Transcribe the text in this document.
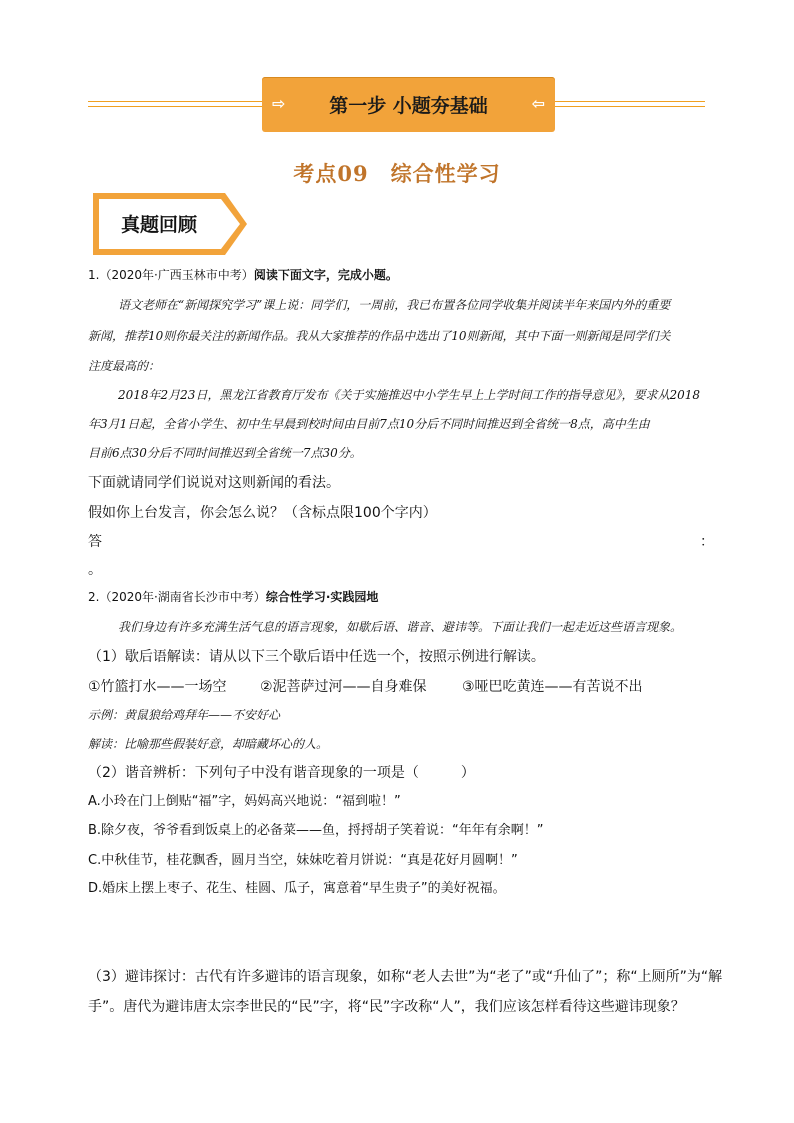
⇨	第一步 小题夯基础	⇦
考点09　综合性学习
真题回顾
1.（2020年·广西玉林市中考）阅读下面文字，完成小题。
语文老师在“新闻探究学习”课上说：同学们，一周前，我已布置各位同学收集并阅读半年来国内外的重要
新闻，推荐10则你最关注的新闻作品。我从大家推荐的作品中选出了10则新闻，其中下面一则新闻是同学们关
注度最高的：
2018年2月23日，黑龙江省教育厅发布《关于实施推迟中小学生早上上学时间工作的指导意见》，要求从2018
年3月1日起，全省小学生、初中生早晨到校时间由目前7点10分后不同时间推迟到全省统一8点，高中生由
目前6点30分后不同时间推迟到全省统一7点30分。
下面就请同学们说说对这则新闻的看法。
假如你上台发言，你会怎么说？（含标点限100个字内）
答	：
。
2.（2020年·湖南省长沙市中考）综合性学习·实践园地
我们身边有许多充满生活气息的语言现象，如歇后语、谐音、避讳等。下面让我们一起走近这些语言现象。
（1）歇后语解读：请从以下三个歇后语中任选一个，按照示例进行解读。
①竹篮打水——一场空 ②泥菩萨过河——自身难保	③哑巴吃黄连——有苦说不出
示例：黄鼠狼给鸡拜年——不安好心
解读：比喻那些假装好意，却暗藏坏心的人。
（2）谐音辨析：下列句子中没有谐音现象的一项是（　　　）
A.小玲在门上倒贴“福”字，妈妈高兴地说：“福到啦！”
B.除夕夜，爷爷看到饭桌上的必备菜——鱼，捋捋胡子笑着说：“年年有余啊！”
C.中秋佳节，桂花飘香，圆月当空，妹妹吃着月饼说：“真是花好月圆啊！”
D.婚床上摆上枣子、花生、桂圆、瓜子，寓意着“早生贵子”的美好祝福。
（3）避讳探讨：古代有许多避讳的语言现象，如称“老人去世”为“老了”或“升仙了”；称“上厕所”为“解
手”。唐代为避讳唐太宗李世民的“民”字，将“民”字改称“人”，我们应该怎样看待这些避讳现象？
